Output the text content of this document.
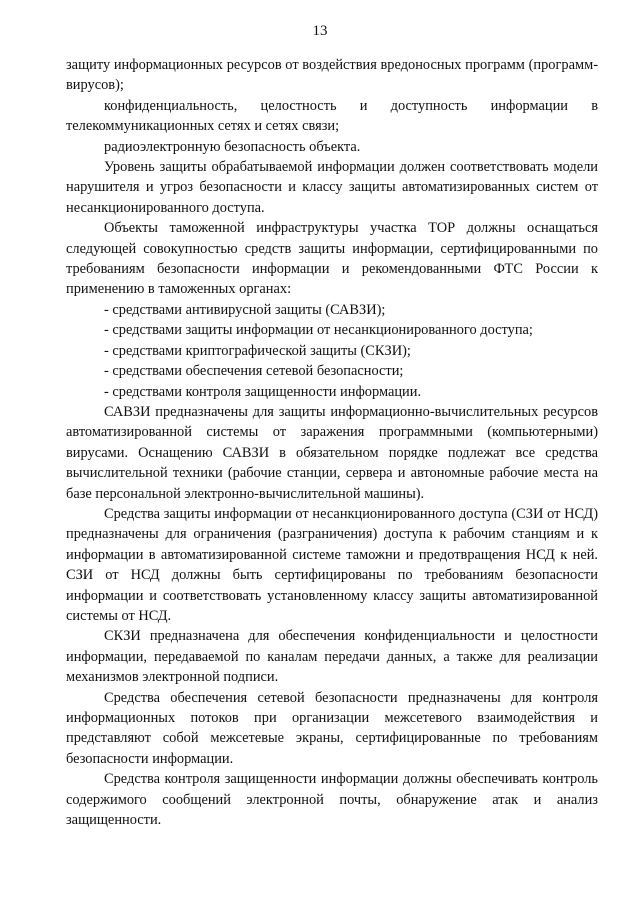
13

защиту информационных ресурсов от воздействия вредоносных программ (программ-вирусов);

конфиденциальность, целостность и доступность информации в телекоммуникационных сетях и сетях связи;

радиоэлектронную безопасность объекта.

Уровень защиты обрабатываемой информации должен соответствовать модели нарушителя и угроз безопасности и классу защиты автоматизированных систем от несанкционированного доступа.

Объекты таможенной инфраструктуры участка ТОР должны оснащаться следующей совокупностью средств защиты информации, сертифицированными по требованиям безопасности информации и рекомендованными ФТС России к применению в таможенных органах:

- средствами антивирусной защиты (САВЗИ);

- средствами защиты информации от несанкционированного доступа;

- средствами криптографической защиты (СКЗИ);

- средствами обеспечения сетевой безопасности;

- средствами контроля защищенности информации.

САВЗИ предназначены для защиты информационно-вычислительных ресурсов автоматизированной системы от заражения программными (компьютерными) вирусами. Оснащению САВЗИ в обязательном порядке подлежат все средства вычислительной техники (рабочие станции, сервера и автономные рабочие места на базе персональной электронно-вычислительной машины).

Средства защиты информации от несанкционированного доступа (СЗИ от НСД) предназначены для ограничения (разграничения) доступа к рабочим станциям и к информации в автоматизированной системе таможни и предотвращения НСД к ней. СЗИ от НСД должны быть сертифицированы по требованиям безопасности информации и соответствовать установленному классу защиты автоматизированной системы от НСД.

СКЗИ предназначена для обеспечения конфиденциальности и целостности информации, передаваемой по каналам передачи данных, а также для реализации механизмов электронной подписи.

Средства обеспечения сетевой безопасности предназначены для контроля информационных потоков при организации межсетевого взаимодействия и представляют собой межсетевые экраны, сертифицированные по требованиям безопасности информации.

Средства контроля защищенности информации должны обеспечивать контроль содержимого сообщений электронной почты, обнаружение атак и анализ защищенности.
